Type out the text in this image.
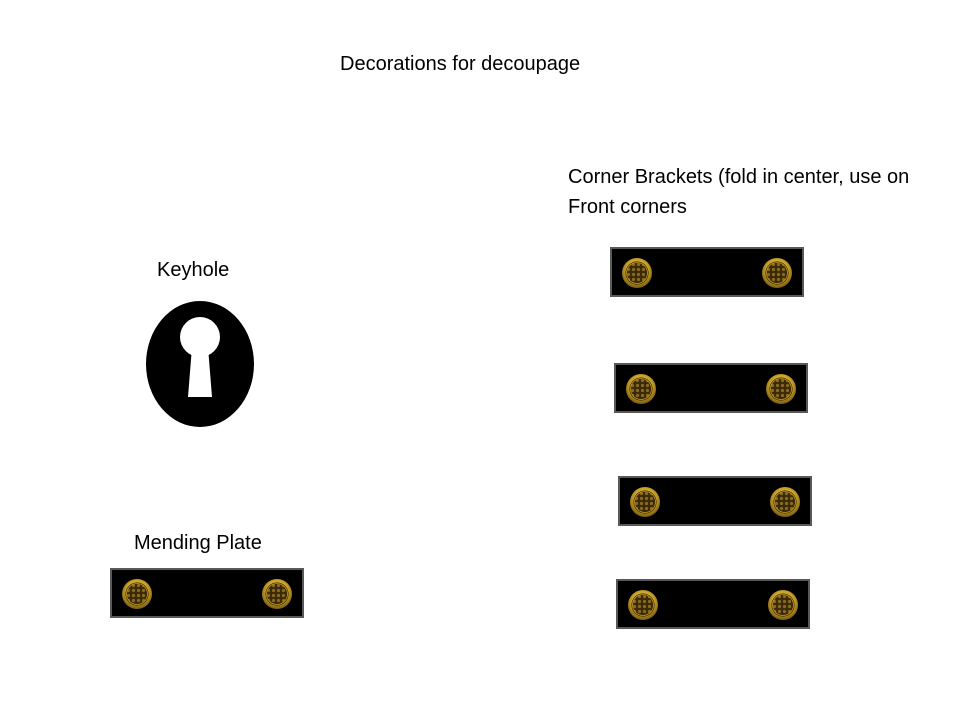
Decorations for decoupage
Keyhole
Mending Plate
Corner Brackets (fold in center, use on
Front corners
